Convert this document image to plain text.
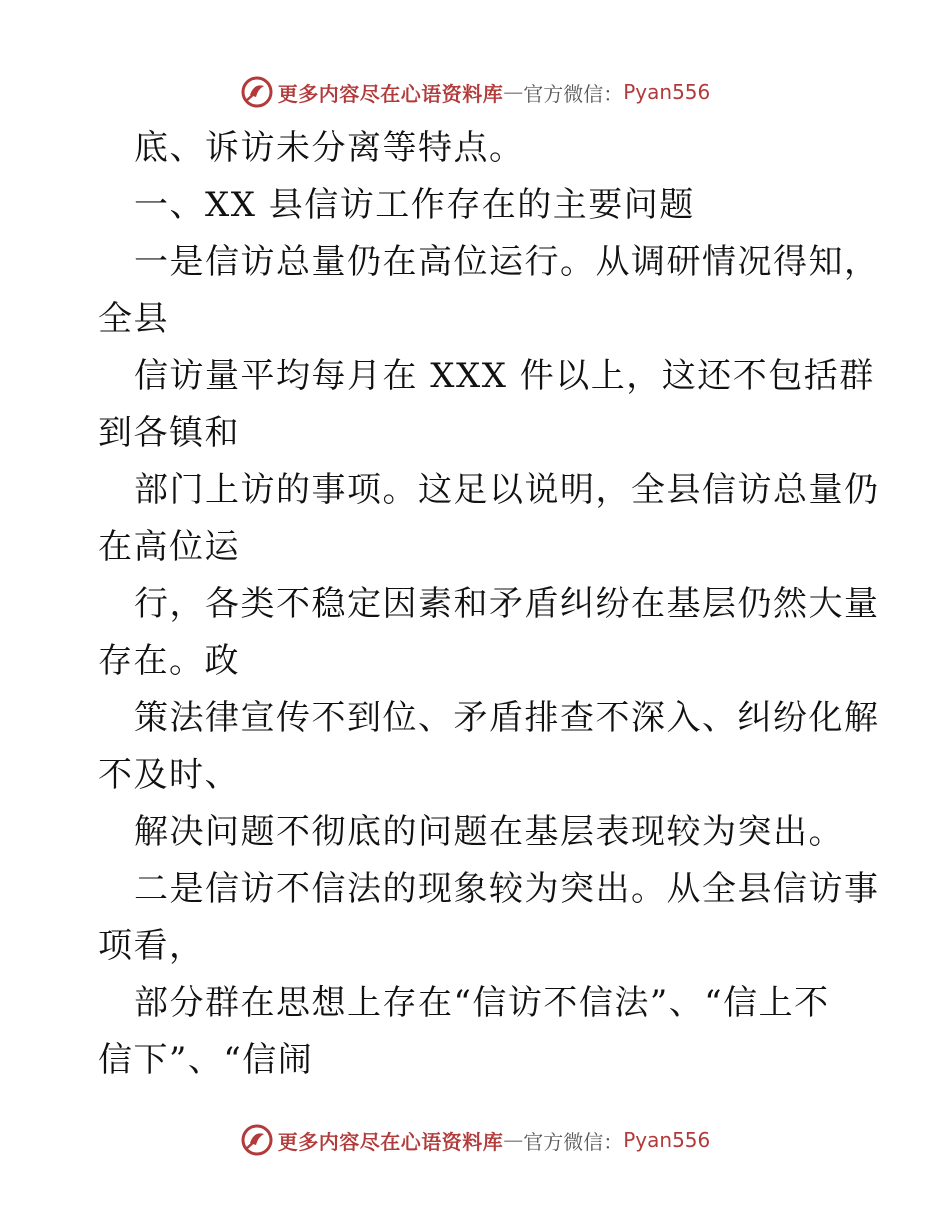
更多内容尽在心语资料库 — 官方微信： Pyan556
底、诉访未分离等特点。
一、XX 县信访工作存在的主要问题
一是信访总量仍在高位运行。从调研情况得知，
全县
信访量平均每月在 XXX 件以上，这还不包括群
到各镇和
部门上访的事项。这足以说明，全县信访总量仍
在高位运
行，各类不稳定因素和矛盾纠纷在基层仍然大量
存在。政
策法律宣传不到位、矛盾排查不深入、纠纷化解
不及时、
解决问题不彻底的问题在基层表现较为突出。
二是信访不信法的现象较为突出。从全县信访事
项看，
部分群在思想上存在“信访不信法”、“信上不
信下”、“信闹
更多内容尽在心语资料库 — 官方微信： Pyan556
